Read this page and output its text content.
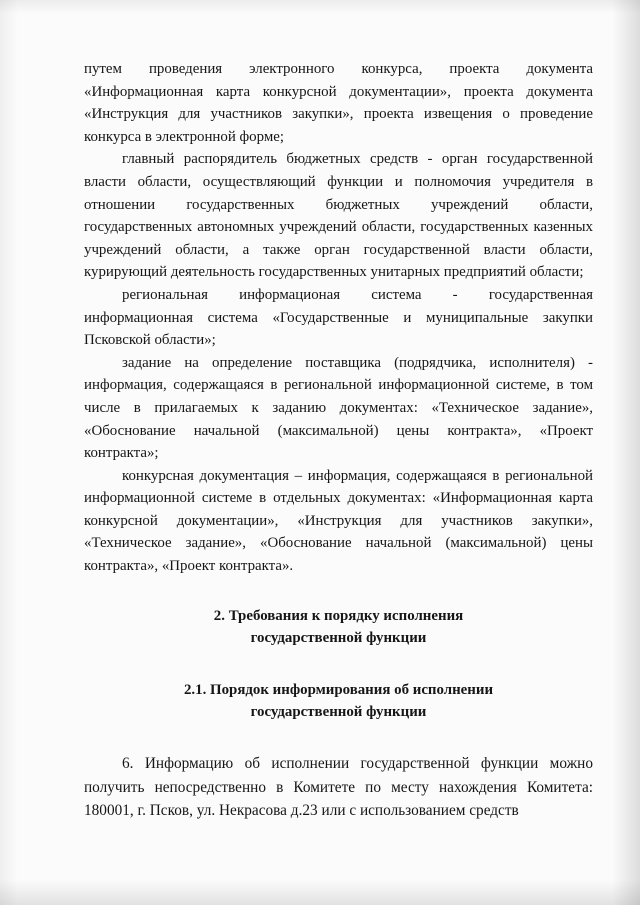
путем проведения электронного конкурса, проекта документа «Информационная карта конкурсной документации», проекта документа «Инструкция для участников закупки», проекта извещения о проведение конкурса в электронной форме;

главный распорядитель бюджетных средств - орган государственной власти области, осуществляющий функции и полномочия учредителя в отношении государственных бюджетных учреждений области, государственных автономных учреждений области, государственных казенных учреждений области, а также орган государственной власти области, курирующий деятельность государственных унитарных предприятий области;

региональная информационая система - государственная информационная система «Государственные и муниципальные закупки Псковской области»;

задание на определение поставщика (подрядчика, исполнителя) - информация, содержащаяся в региональной информационной системе, в том числе в прилагаемых к заданию документах: «Техническое задание», «Обоснование начальной (максимальной) цены контракта», «Проект контракта»;

конкурсная документация – информация, содержащаяся в региональной информационной системе в отдельных документах: «Информационная карта конкурсной документации», «Инструкция для участников закупки», «Техническое задание», «Обоснование начальной (максимальной) цены контракта», «Проект контракта».

2. Требования к порядку исполнения
государственной функции
2.1. Порядок информирования об исполнении
государственной функции

6. Информацию об исполнении государственной функции можно получить непосредственно в Комитете по месту нахождения Комитета: 180001, г. Псков, ул. Некрасова д.23 или с использованием средств
